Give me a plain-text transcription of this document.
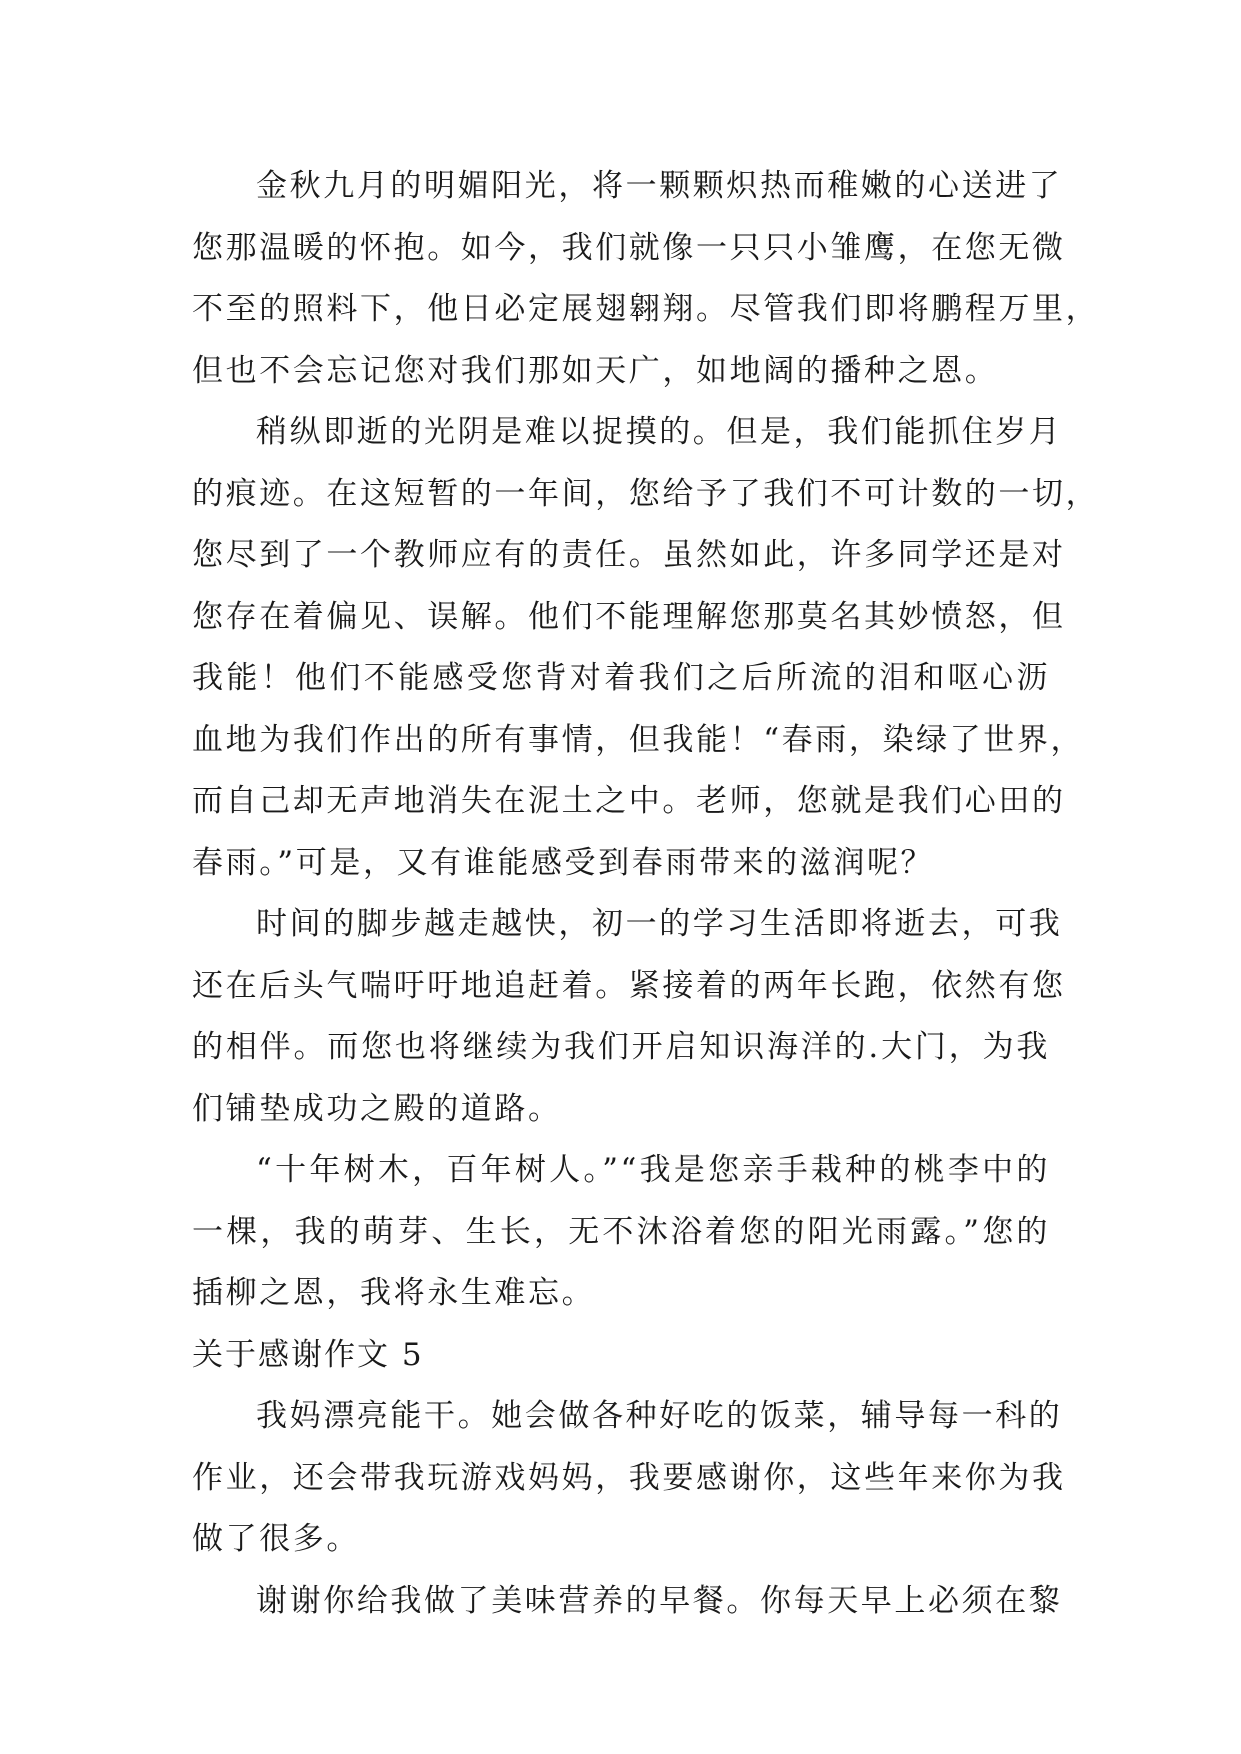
金秋九月的明媚阳光，将一颗颗炽热而稚嫩的心送进了
您那温暖的怀抱。如今，我们就像一只只小雏鹰，在您无微
不至的照料下，他日必定展翅翱翔。尽管我们即将鹏程万里，
但也不会忘记您对我们那如天广，如地阔的播种之恩。
稍纵即逝的光阴是难以捉摸的。但是，我们能抓住岁月
的痕迹。在这短暂的一年间，您给予了我们不可计数的一切，
您尽到了一个教师应有的责任。虽然如此，许多同学还是对
您存在着偏见、误解。他们不能理解您那莫名其妙愤怒，但
我能！他们不能感受您背对着我们之后所流的泪和呕心沥
血地为我们作出的所有事情，但我能！“春雨，染绿了世界，
而自己却无声地消失在泥土之中。老师，您就是我们心田的
春雨。”可是，又有谁能感受到春雨带来的滋润呢？
时间的脚步越走越快，初一的学习生活即将逝去，可我
还在后头气喘吁吁地追赶着。紧接着的两年长跑，依然有您
的相伴。而您也将继续为我们开启知识海洋的.大门，为我
们铺垫成功之殿的道路。
“十年树木，百年树人。”“我是您亲手栽种的桃李中的
一棵，我的萌芽、生长，无不沐浴着您的阳光雨露。”您的
插柳之恩，我将永生难忘。
关于感谢作文 5
我妈漂亮能干。她会做各种好吃的饭菜，辅导每一科的
作业，还会带我玩游戏妈妈，我要感谢你，这些年来你为我
做了很多。
谢谢你给我做了美味营养的早餐。你每天早上必须在黎
